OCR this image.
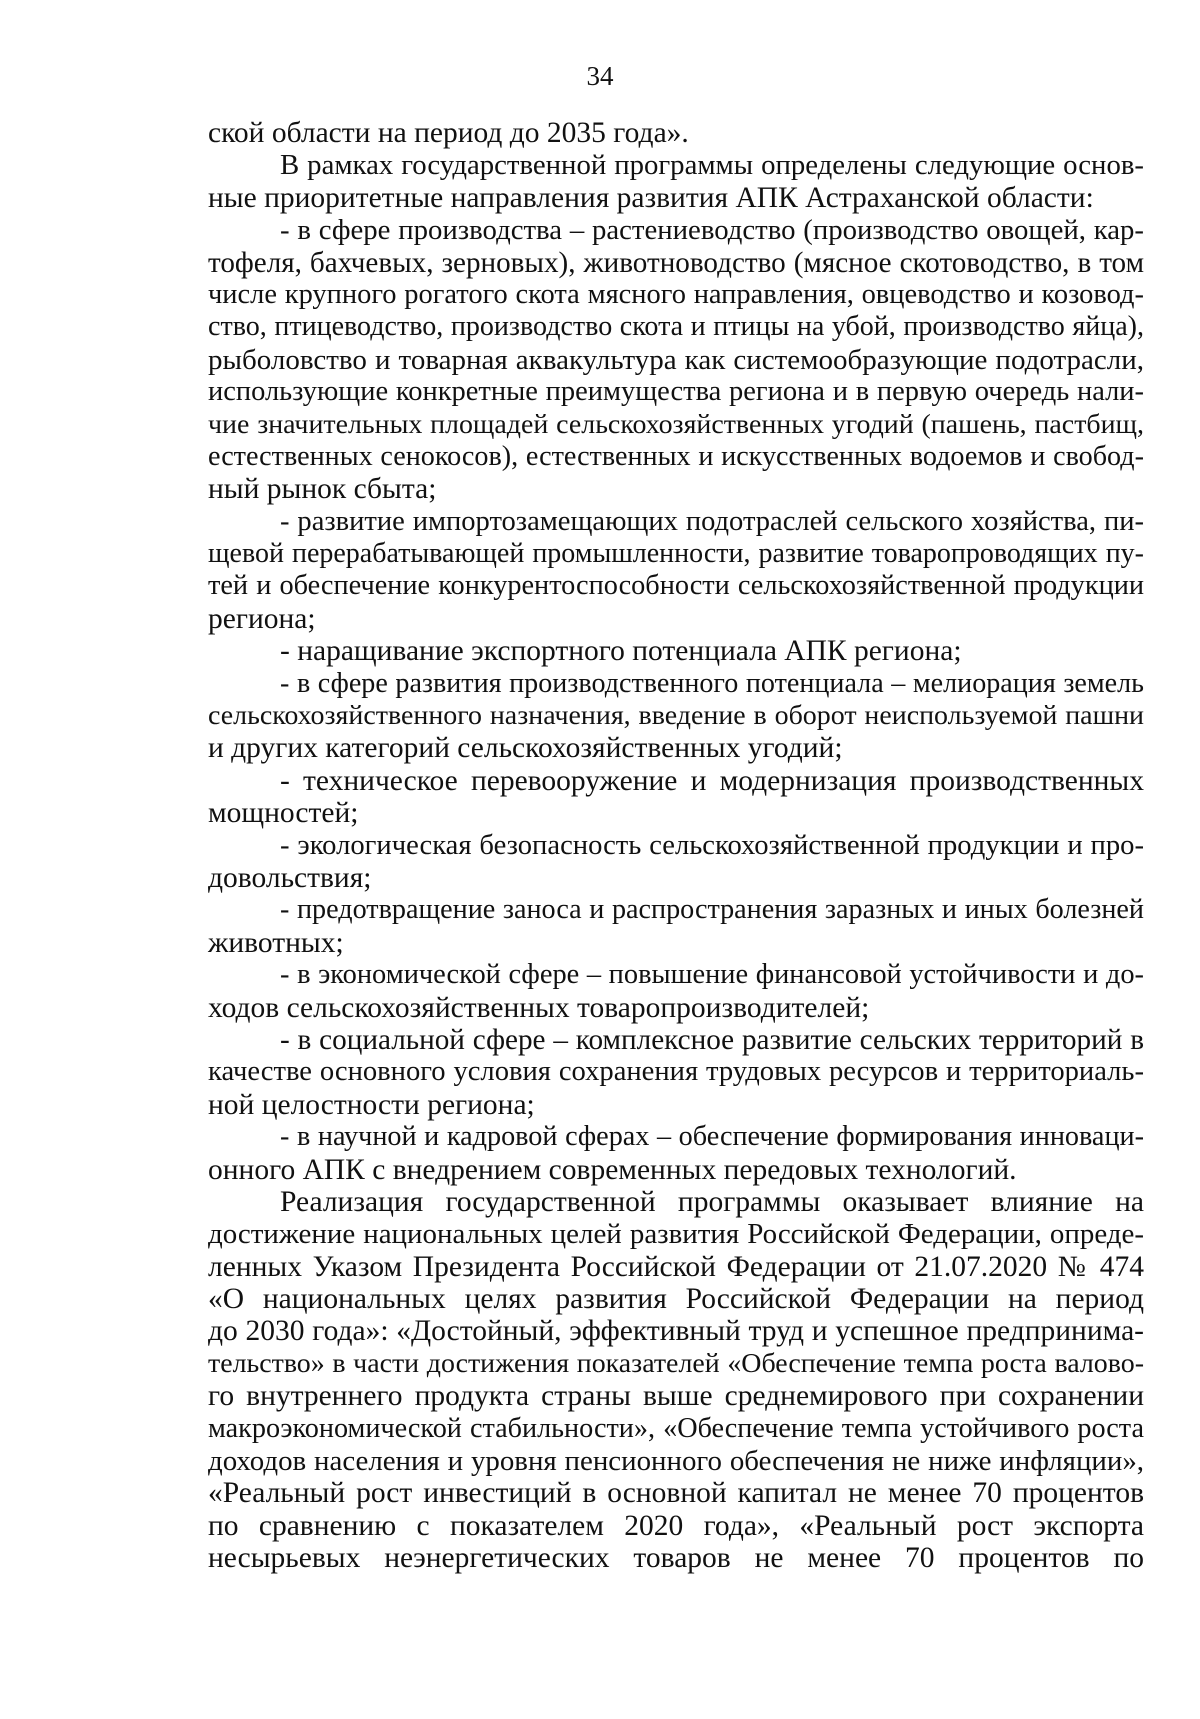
34
ской области на период до 2035 года».
В рамках государственной программы определены следующие основ-
ные приоритетные направления развития АПК Астраханской области:
- в сфере производства – растениеводство (производство овощей, кар-
тофеля, бахчевых, зерновых), животноводство (мясное скотоводство, в том
числе крупного рогатого скота мясного направления, овцеводство и козовод-
ство, птицеводство, производство скота и птицы на убой, производство яйца),
рыболовство и товарная аквакультура как системообразующие подотрасли,
использующие конкретные преимущества региона и в первую очередь нали-
чие значительных площадей сельскохозяйственных угодий (пашень, пастбищ,
естественных сенокосов), естественных и искусственных водоемов и свобод-
ный рынок сбыта;
- развитие импортозамещающих подотраслей сельского хозяйства, пи-
щевой перерабатывающей промышленности, развитие товаропроводящих пу-
тей и обеспечение конкурентоспособности сельскохозяйственной продукции
региона;
- наращивание экспортного потенциала АПК региона;
- в сфере развития производственного потенциала – мелиорация земель
сельскохозяйственного назначения, введение в оборот неиспользуемой пашни
и других категорий сельскохозяйственных угодий;
- техническое перевооружение и модернизация производственных
мощностей;
- экологическая безопасность сельскохозяйственной продукции и про-
довольствия;
- предотвращение заноса и распространения заразных и иных болезней
животных;
- в экономической сфере – повышение финансовой устойчивости и до-
ходов сельскохозяйственных товаропроизводителей;
- в социальной сфере – комплексное развитие сельских территорий в
качестве основного условия сохранения трудовых ресурсов и территориаль-
ной целостности региона;
- в научной и кадровой сферах – обеспечение формирования инноваци-
онного АПК с внедрением современных передовых технологий.
Реализация государственной программы оказывает влияние на
достижение национальных целей развития Российской Федерации, опреде-
ленных Указом Президента Российской Федерации от 21.07.2020 № 474
«О национальных целях развития Российской Федерации на период
до 2030 года»: «Достойный, эффективный труд и успешное предпринима-
тельство» в части достижения показателей «Обеспечение темпа роста валово-
го внутреннего продукта страны выше среднемирового при сохранении
макроэкономической стабильности», «Обеспечение темпа устойчивого роста
доходов населения и уровня пенсионного обеспечения не ниже инфляции»,
«Реальный рост инвестиций в основной капитал не менее 70 процентов
по сравнению с показателем 2020 года», «Реальный рост экспорта
несырьевых неэнергетических товаров не менее 70 процентов по
